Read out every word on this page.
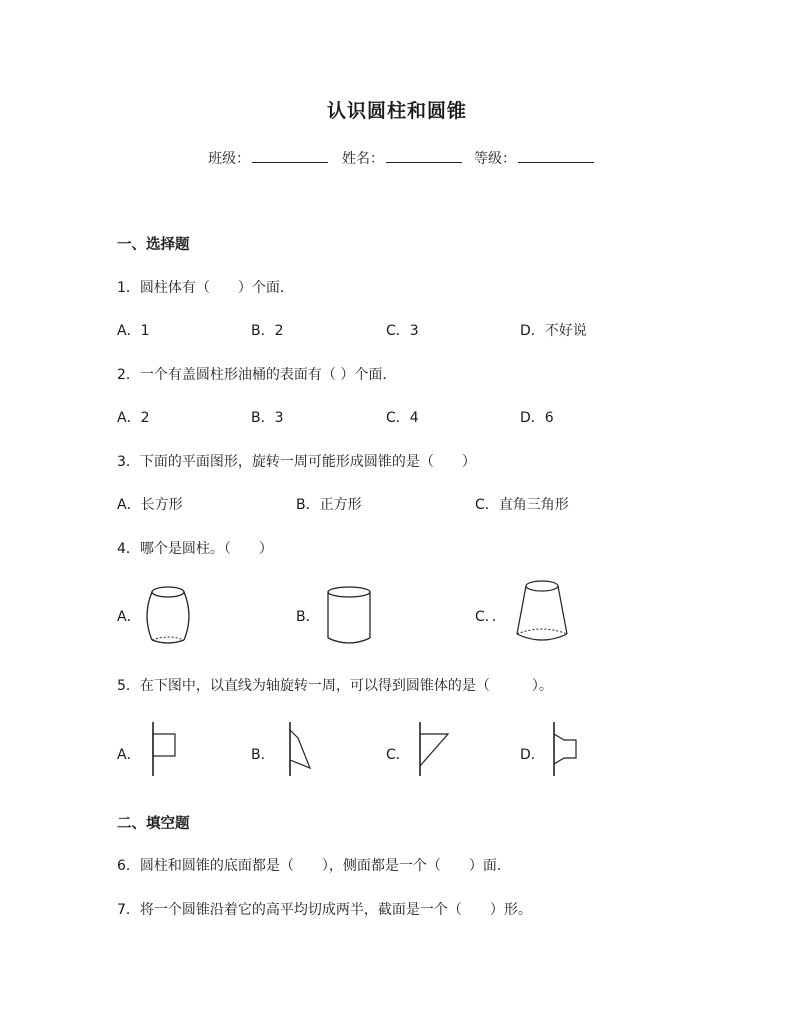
认识圆柱和圆锥
班级：	姓名：	等级：
一、选择题
1．圆柱体有（　　）个面．
A．1	B．2	C．3	D．不好说
2．一个有盖圆柱形油桶的表面有（ ）个面．
A．2	B．3	C．4	D．6
3．下面的平面图形，旋转一周可能形成圆锥的是（　　）
A．长方形	B．正方形	C．直角三角形
4．哪个是圆柱。（　　）
A．	B．	C．．
5．在下图中，以直线为轴旋转一周，可以得到圆锥体的是（　　　）。
A．	B．	C．	D．
二、填空题
6．圆柱和圆锥的底面都是（　　），侧面都是一个（　　）面．
7．将一个圆锥沿着它的高平均切成两半，截面是一个（　　）形。
